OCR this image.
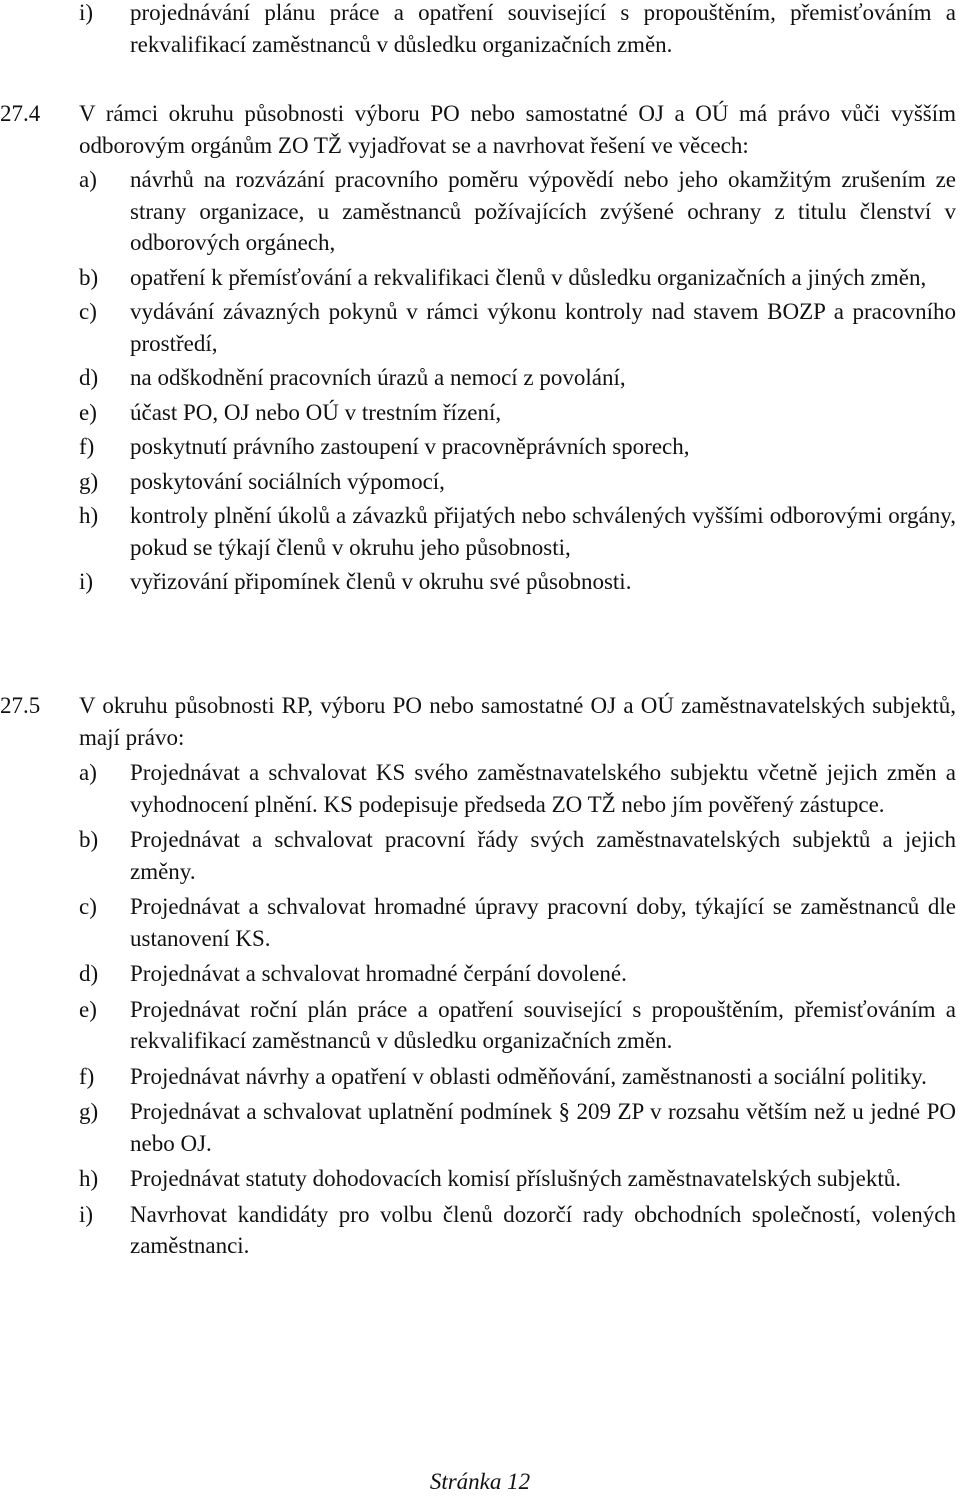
i) projednávání plánu práce a opatření související s propouštěním, přemisťováním a rekvalifikací zaměstnanců v důsledku organizačních změn.
27.4 V rámci okruhu působnosti výboru PO nebo samostatné OJ a OÚ má právo vůči vyšším odborovým orgánům ZO TŽ vyjadřovat se a navrhovat řešení ve věcech:
a) návrhů na rozvázání pracovního poměru výpovědí nebo jeho okamžitým zrušením ze strany organizace, u zaměstnanců požívajících zvýšené ochrany z titulu členství v odborových orgánech,
b) opatření k přemísťování a rekvalifikaci členů v důsledku organizačních a jiných změn,
c) vydávání závazných pokynů v rámci výkonu kontroly nad stavem BOZP a pracovního prostředí,
d) na odškodnění pracovních úrazů a nemocí z povolání,
e) účast PO, OJ nebo OÚ v trestním řízení,
f) poskytnutí právního zastoupení v pracovněprávních sporech,
g) poskytování sociálních výpomocí,
h) kontroly plnění úkolů a závazků přijatých nebo schválených vyššími odborovými orgány, pokud se týkají členů v okruhu jeho působnosti,
i) vyřizování připomínek členů v okruhu své působnosti.
27.5 V okruhu působnosti RP, výboru PO nebo samostatné OJ a OÚ zaměstnavatelských subjektů, mají právo:
a) Projednávat a schvalovat KS svého zaměstnavatelského subjektu včetně jejich změn a vyhodnocení plnění. KS podepisuje předseda ZO TŽ nebo jím pověřený zástupce.
b) Projednávat a schvalovat pracovní řády svých zaměstnavatelských subjektů a jejich změny.
c) Projednávat a schvalovat hromadné úpravy pracovní doby, týkající se zaměstnanců dle ustanovení KS.
d) Projednávat a schvalovat hromadné čerpání dovolené.
e) Projednávat roční plán práce a opatření související s propouštěním, přemisťováním a rekvalifikací zaměstnanců v důsledku organizačních změn.
f) Projednávat návrhy a opatření v oblasti odměňování, zaměstnanosti a sociální politiky.
g) Projednávat a schvalovat uplatnění podmínek § 209 ZP v rozsahu větším než u jedné PO nebo OJ.
h) Projednávat statuty dohodovacích komisí příslušných zaměstnavatelských subjektů.
i) Navrhovat kandidáty pro volbu členů dozorčí rady obchodních společností, volených zaměstnanci.
Stránka 12
